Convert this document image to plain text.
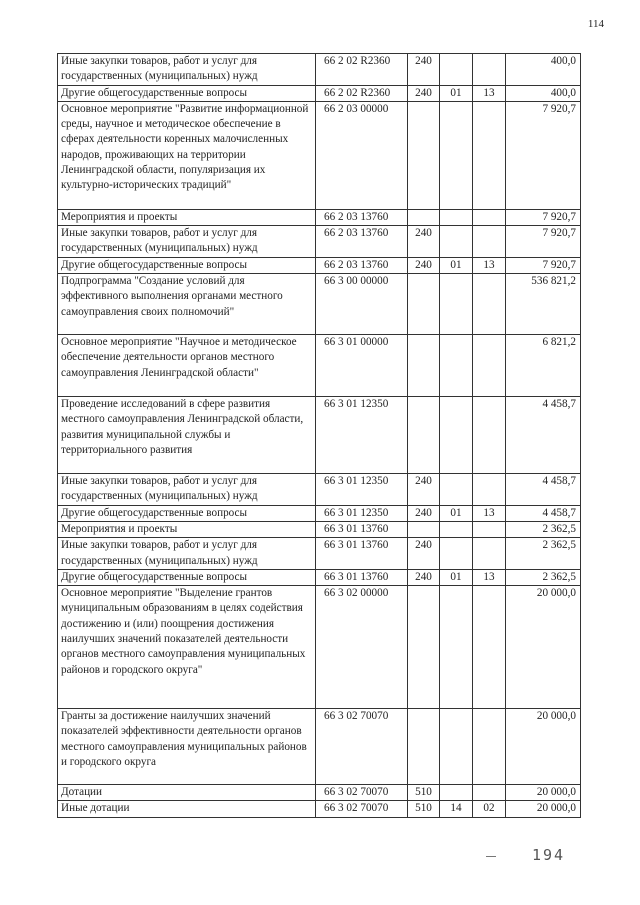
114
Иные закупки товаров, работ и услуг для государственных (муниципальных) нужд	66 2 02 R2360	240			400,0
Другие общегосударственные вопросы	66 2 02 R2360	240	01	13	400,0
Основное мероприятие "Развитие информационной среды, научное и методическое обеспечение в сферах деятельности коренных малочисленных народов, проживающих на территории Ленинградской области, популяризация их культурно-исторических традиций"	66 2 03 00000				7 920,7
Мероприятия и проекты	66 2 03 13760				7 920,7
Иные закупки товаров, работ и услуг для государственных (муниципальных) нужд	66 2 03 13760	240			7 920,7
Другие общегосударственные вопросы	66 2 03 13760	240	01	13	7 920,7
Подпрограмма "Создание условий для эффективного выполнения органами местного самоуправления своих полномочий"	66 3 00 00000				536 821,2
Основное мероприятие "Научное и методическое обеспечение деятельности органов местного самоуправления Ленинградской области"	66 3 01 00000				6 821,2
Проведение исследований в сфере развития местного самоуправления Ленинградской области, развития муниципальной службы и территориального развития	66 3 01 12350				4 458,7
Иные закупки товаров, работ и услуг для государственных (муниципальных) нужд	66 3 01 12350	240			4 458,7
Другие общегосударственные вопросы	66 3 01 12350	240	01	13	4 458,7
Мероприятия и проекты	66 3 01 13760				2 362,5
Иные закупки товаров, работ и услуг для государственных (муниципальных) нужд	66 3 01 13760	240			2 362,5
Другие общегосударственные вопросы	66 3 01 13760	240	01	13	2 362,5
Основное мероприятие "Выделение грантов муниципальным образованиям в целях содействия достижению и (или) поощрения достижения наилучших значений показателей деятельности органов местного самоуправления муниципальных районов и городского округа"	66 3 02 00000				20 000,0
Гранты за достижение наилучших значений показателей эффективности деятельности органов местного самоуправления муниципальных районов и городского округа	66 3 02 70070				20 000,0
Дотации	66 3 02 70070	510			20 000,0
Иные дотации	66 3 02 70070	510	14	02	20 000,0
194
